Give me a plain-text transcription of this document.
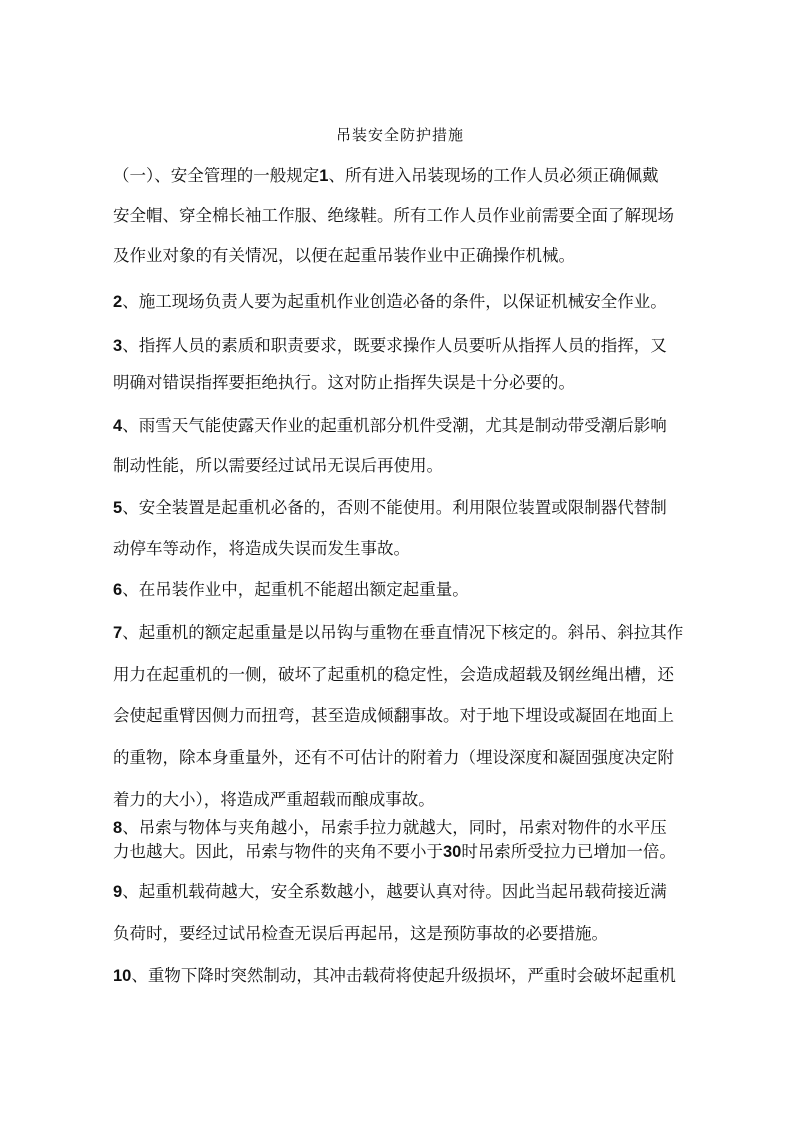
吊装安全防护措施
（一）、安全管理的一般规定1、所有进入吊装现场的工作人员必须正确佩戴
安全帽、穿全棉长袖工作服、绝缘鞋。所有工作人员作业前需要全面了解现场
及作业对象的有关情况，以便在起重吊装作业中正确操作机械。
2、施工现场负责人要为起重机作业创造必备的条件，以保证机械安全作业。
3、指挥人员的素质和职责要求，既要求操作人员要听从指挥人员的指挥，又
明确对错误指挥要拒绝执行。这对防止指挥失误是十分必要的。
4、雨雪天气能使露天作业的起重机部分机件受潮，尤其是制动带受潮后影响
制动性能，所以需要经过试吊无误后再使用。
5、安全装置是起重机必备的，否则不能使用。利用限位装置或限制器代替制
动停车等动作，将造成失误而发生事故。
6、在吊装作业中，起重机不能超出额定起重量。
7、起重机的额定起重量是以吊钩与重物在垂直情况下核定的。斜吊、斜拉其作
用力在起重机的一侧，破坏了起重机的稳定性，会造成超载及钢丝绳出槽，还
会使起重臂因侧力而扭弯，甚至造成倾翻事故。对于地下埋设或凝固在地面上
的重物，除本身重量外，还有不可估计的附着力（埋设深度和凝固强度决定附
着力的大小），将造成严重超载而酿成事故。
8、吊索与物体与夹角越小，吊索手拉力就越大，同时，吊索对物件的水平压
力也越大。因此，吊索与物件的夹角不要小于30时吊索所受拉力已增加一倍。
9、起重机载荷越大，安全系数越小，越要认真对待。因此当起吊载荷接近满
负荷时，要经过试吊检查无误后再起吊，这是预防事故的必要措施。
10、重物下降时突然制动，其冲击载荷将使起升级损坏，严重时会破坏起重机
